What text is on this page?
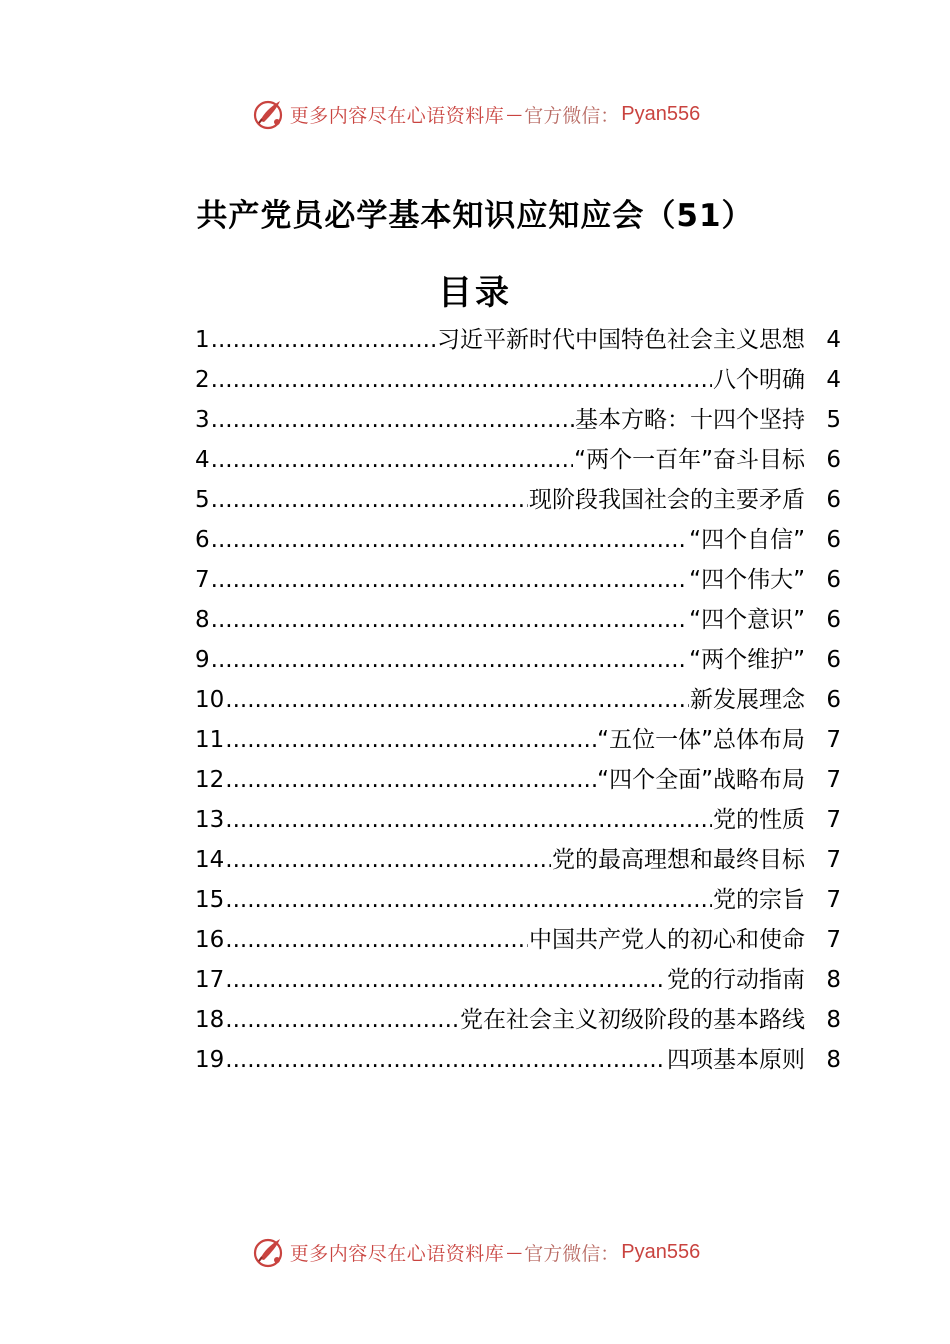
更多内容尽在心语资料库 — 官方微信： Pyan556
共产党员必学基本知识应知应会（51）
目录
1 .....	习近平新时代中国特色社会主义思想 4
2 .....	八个明确 4
3 .....	基本方略：十四个坚持 5
4 .....	“两个一百年”奋斗目标 6
5 .....	现阶段我国社会的主要矛盾 6
6 .....	“四个自信” 6
7 .....	“四个伟大” 6
8 .....	“四个意识” 6
9 .....	“两个维护” 6
10 .....	新发展理念 6
11 .....	“五位一体”总体布局 7
12 .....	“四个全面”战略布局 7
13 .....	党的性质 7
14 .....	党的最高理想和最终目标 7
15 .....	党的宗旨 7
16 .....	中国共产党人的初心和使命 7
17 .....	党的行动指南 8
18 .....	党在社会主义初级阶段的基本路线 8
19 .....	四项基本原则 8
更多内容尽在心语资料库 — 官方微信： Pyan556
